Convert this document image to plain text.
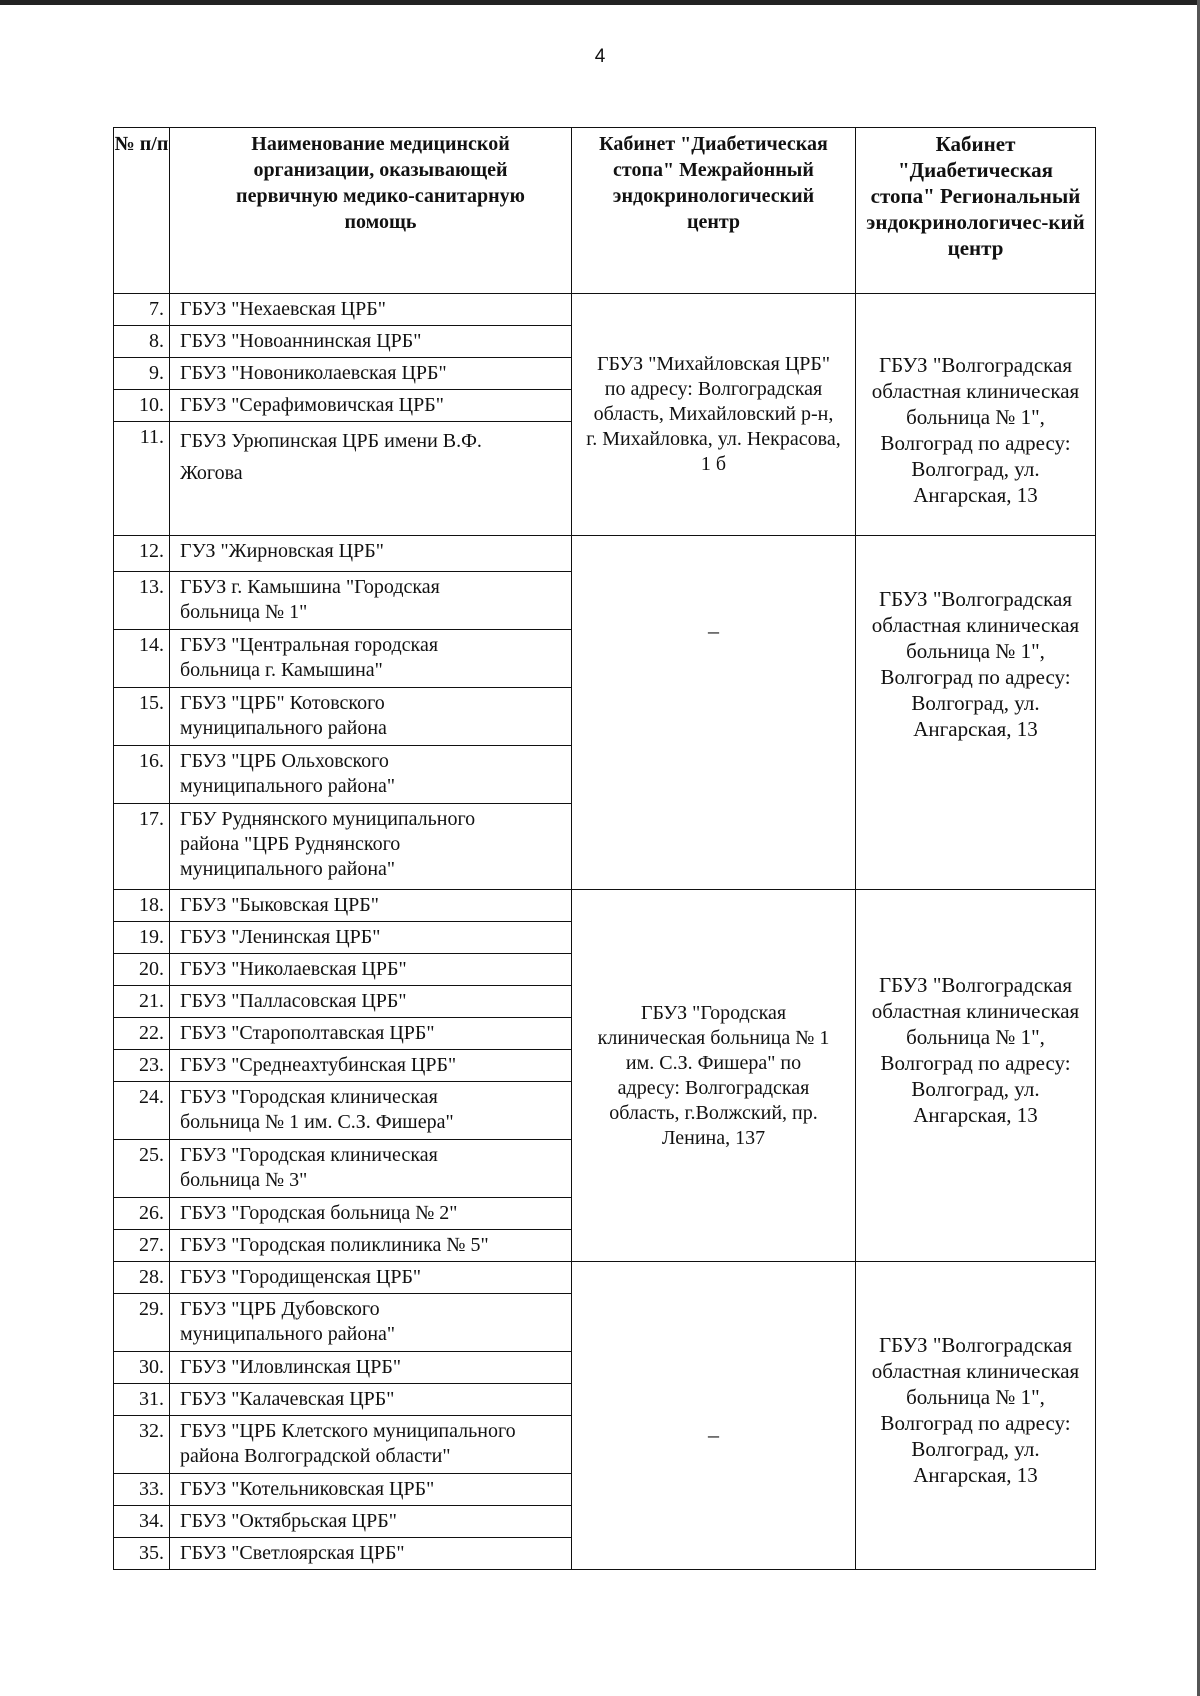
4
№ п/п	Наименование медицинской организации, оказывающей первичную медико-санитарную помощь	Кабинет "Диабетическая стопа" Межрайонный эндокринологический центр	Кабинет "Диабетическая стопа" Региональный эндокринологичес-кий центр

7.	ГБУЗ "Нехаевская ЦРБ"	ГБУЗ "Михайловская ЦРБ" по адресу: Волгоградская область, Михайловский р-н, г. Михайловка, ул. Некрасова, 1 б	ГБУЗ "Волгоградская областная клиническая больница № 1", Волгоград по адресу: Волгоград, ул. Ангарская, 13

8.	ГБУЗ "Новоаннинская ЦРБ"		
9.	ГБУЗ "Новониколаевская ЦРБ"		
10.	ГБУЗ "Серафимовичская ЦРБ"		
11.	ГБУЗ Урюпинская ЦРБ имени В.Ф. Жогова		
12.	ГУЗ "Жирновская ЦРБ"	–	ГБУЗ "Волгоградская областная клиническая больница № 1", Волгоград по адресу: Волгоград, ул. Ангарская, 13

13.	ГБУЗ г. Камышина "Городская больница № 1"		
14.	ГБУЗ "Центральная городская больница г. Камышина"		
15.	ГБУЗ "ЦРБ" Котовского муниципального района		
16.	ГБУЗ "ЦРБ Ольховского муниципального района"		
17.	ГБУ Руднянского муниципального района "ЦРБ Руднянского муниципального района"		
18.	ГБУЗ "Быковская ЦРБ"	ГБУЗ "Городская клиническая больница № 1 им. С.З. Фишера" по адресу: Волгоградская область, г.Волжский, пр. Ленина, 137	ГБУЗ "Волгоградская областная клиническая больница № 1", Волгоград по адресу: Волгоград, ул. Ангарская, 13

19.	ГБУЗ "Ленинская ЦРБ"		
20.	ГБУЗ "Николаевская ЦРБ"		
21.	ГБУЗ "Палласовская ЦРБ"		
22.	ГБУЗ "Старополтавская ЦРБ"		
23.	ГБУЗ "Среднеахтубинская ЦРБ"		
24.	ГБУЗ "Городская клиническая больница № 1 им. С.З. Фишера"		
25.	ГБУЗ "Городская клиническая больница № 3"		
26.	ГБУЗ "Городская больница № 2"		
27.	ГБУЗ "Городская поликлиника № 5"		
28.	ГБУЗ "Городищенская ЦРБ"	–	ГБУЗ "Волгоградская областная клиническая больница № 1", Волгоград по адресу: Волгоград, ул. Ангарская, 13

29.	ГБУЗ "ЦРБ Дубовского муниципального района"		
30.	ГБУЗ "Иловлинская ЦРБ"		
31.	ГБУЗ "Калачевская ЦРБ"		
32.	ГБУЗ "ЦРБ Клетского муниципального района Волгоградской области"		
33.	ГБУЗ "Котельниковская ЦРБ"		
34.	ГБУЗ "Октябрьская ЦРБ"		
35.	ГБУЗ "Светлоярская ЦРБ"		
